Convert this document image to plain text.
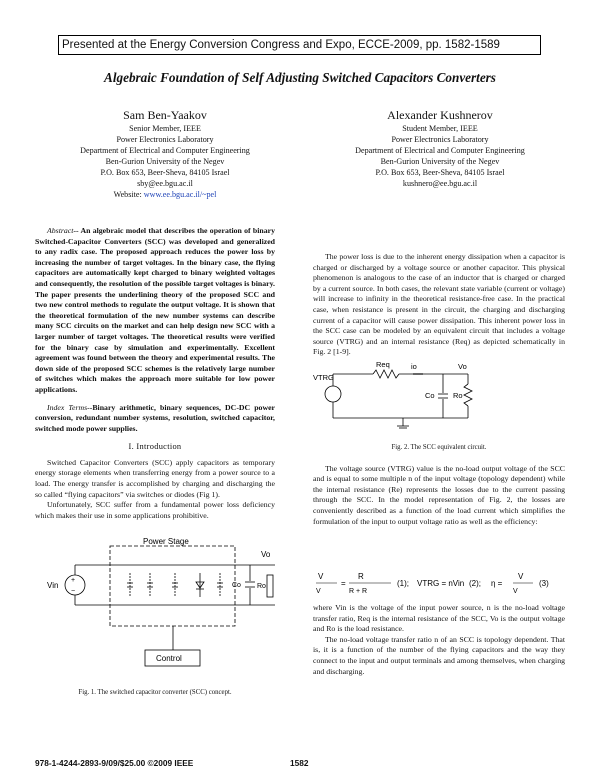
Presented at the Energy Conversion Congress and Expo, ECCE-2009, pp. 1582-1589
Algebraic Foundation of Self Adjusting Switched Capacitors Converters
Sam Ben-Yaakov
Senior Member, IEEE
Power Electronics Laboratory
Department of Electrical and Computer Engineering
Ben-Gurion University of the Negev
P.O. Box 653, Beer-Sheva, 84105 Israel
sby@ee.bgu.ac.il
Website: www.ee.bgu.ac.il/~pel
Alexander Kushnerov
Student Member, IEEE
Power Electronics Laboratory
Department of Electrical and Computer Engineering
Ben-Gurion University of the Negev
P.O. Box 653, Beer-Sheva, 84105 Israel
kushnero@ee.bgu.ac.il

Abstract-- An algebraic model that describes the operation of binary Switched-Capacitor Converters (SCC) was developed and generalized to any radix case. The proposed approach reduces the power loss by increasing the number of target voltages. In the binary case, the flying capacitors are automatically kept charged to binary weighted voltages and consequently, the resolution of the possible target voltages is binary. The paper presents the underlining theory of the proposed SCC and two new control methods to regulate the output voltage. It is shown that the theoretical formulation of the new number systems can describe many SCC circuits on the market and can help design new SCC with a larger number of target voltages. The theoretical results were verified for the binary case by simulation and experimentally. Excellent agreement was found between the theory and experimental results. The down side of the proposed SCC schemes is the relatively large number of switches which makes the approach more suitable for low power applications.

Index Terms--Binary arithmetic, binary sequences, DC-DC power conversion, redundant number systems, resolution, switched capacitor, switched mode power supplies.

I. Introduction

Switched Capacitor Converters (SCC) apply capacitors as temporary energy storage elements when transferring energy from a power source to a load. The energy transfer is accomplished by charging and discharging the so called “flying capacitors” via switches or diodes (Fig 1).

Unfortunately, SCC suffer from a fundamental power loss deficiency which makes their use in some applications prohibitive.

Power Stage
+
−
Vin	Co Ro
Vo
Control
Fig. 1. The switched capacitor converter (SCC) concept.

The power loss is due to the inherent energy dissipation when a capacitor is charged or discharged by a voltage source or another capacitor. This physical phenomenon is analogous to the case of an inductor that is charged or charged by a current source. In both cases, the relevant state variable (current or voltage) will increase to infinity in the theoretical resistance-free case. In the practical case, when resistance is present in the circuit, the charging and discharging current of a capacitor will cause power dissipation. This inherent power loss in the SCC case can be modeled by an equivalent circuit that includes a voltage source (VTRG) and an internal resistance (Req) as depicted schematically in Fig. 2 [1-9].

Req	io	Vo
VTRG
Co Ro
Fig. 2. The SCC equivalent circuit.

The voltage source (VTRG) value is the no-load output voltage of the SCC and is equal to some multiple n of the input voltage (topology dependent) while the internal resistance (Re) represents the losses due to the current passing through the SCC. In the model representation of Fig. 2, the losses are conveniently described as a function of the load current which simplifies the formulation of the input to output voltage ratio as well as the efficiency:

V
V
=
R
R + R
(1); VTRG = nVin (2); η =
V
V
(3)

where Vin is the voltage of the input power source, n is the no-load voltage transfer ratio, Req is the internal resistance of the SCC, Vo is the output voltage and Ro is the load resistance.

The no-load voltage transfer ratio n of an SCC is topology dependent. That is, it is a function of the number of the flying capacitors and the way they connect to the input and output terminals and among themselves, when charging and discharging.

978-1-4244-2893-9/09/$25.00 ©2009 IEEE	1582
